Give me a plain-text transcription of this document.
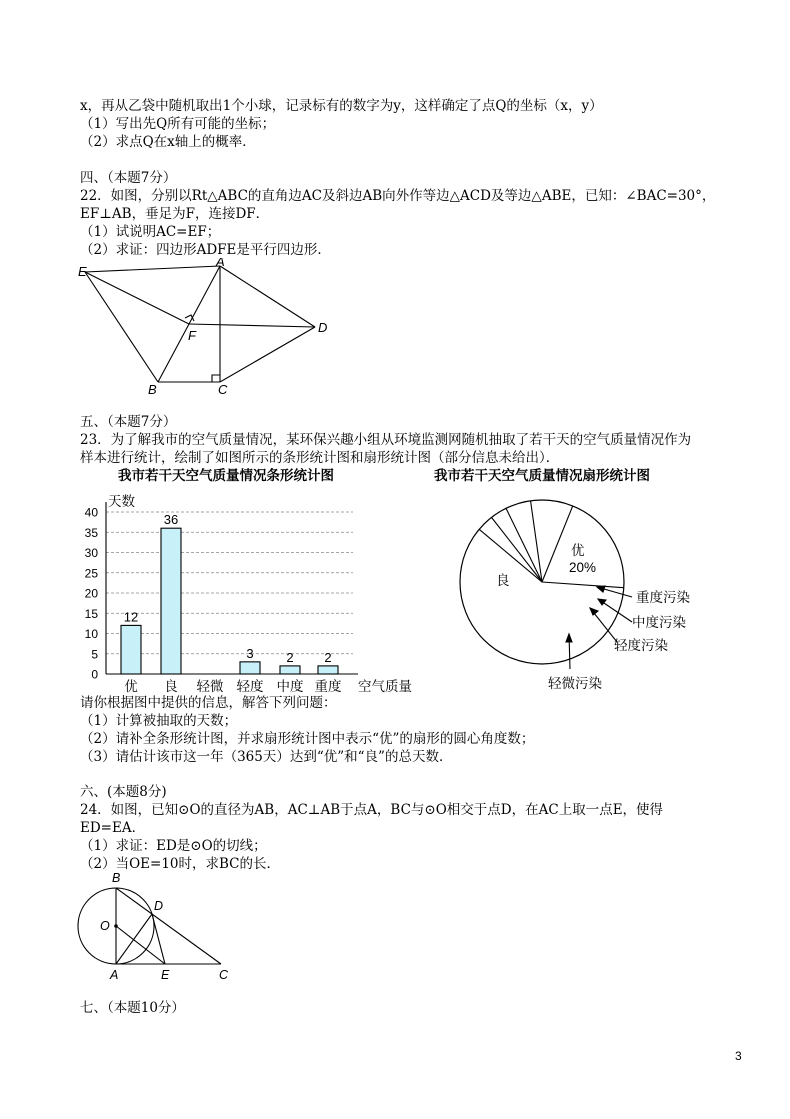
x，再从乙袋中随机取出1个小球，记录标有的数字为y，这样确定了点Q的坐标（x，y）
（1）写出先Q所有可能的坐标；
（2）求点Q在x轴上的概率．
四、（本题7分）
22．如图，分别以Rt△ABC的直角边AC及斜边AB向外作等边△ACD及等边△ABE，已知：∠BAC=30°，
EF⊥AB，垂足为F，连接DF．
（1）试说明AC=EF；
（2）求证：四边形ADFE是平行四边形．
E
A
F
D
B	C
五、（本题7分）
23．为了解我市的空气质量情况，某环保兴趣小组从环境监测网随机抽取了若干天的空气质量情况作为
样本进行统计，绘制了如图所示的条形统计图和扇形统计图（部分信息未给出）．
我市若干天空气质量情况条形统计图
天数
空气质量
0
5
10
15
20
25
30
35
40
12
36
3	2 2
优 良 轻微 轻度 中度 重度
我市若干天空气质量情况扇形统计图
优
20%
良
重度污染
中度污染
轻度污染
轻微污染
请你根据图中提供的信息，解答下列问题：
（1）计算被抽取的天数；
（2）请补全条形统计图，并求扇形统计图中表示“优”的扇形的圆心角度数；
（3）请估计该市这一年（365天）达到“优”和“良”的总天数．
六、(本题8分)
24．如图，已知⊙O的直径为AB，AC⊥AB于点A，BC与⊙O相交于点D，在AC上取一点E，使得
ED=EA．
（1）求证：ED是⊙O的切线；
（2）当OE=10时，求BC的长．
B
D
O
A	E	C
七、（本题10分）
3
